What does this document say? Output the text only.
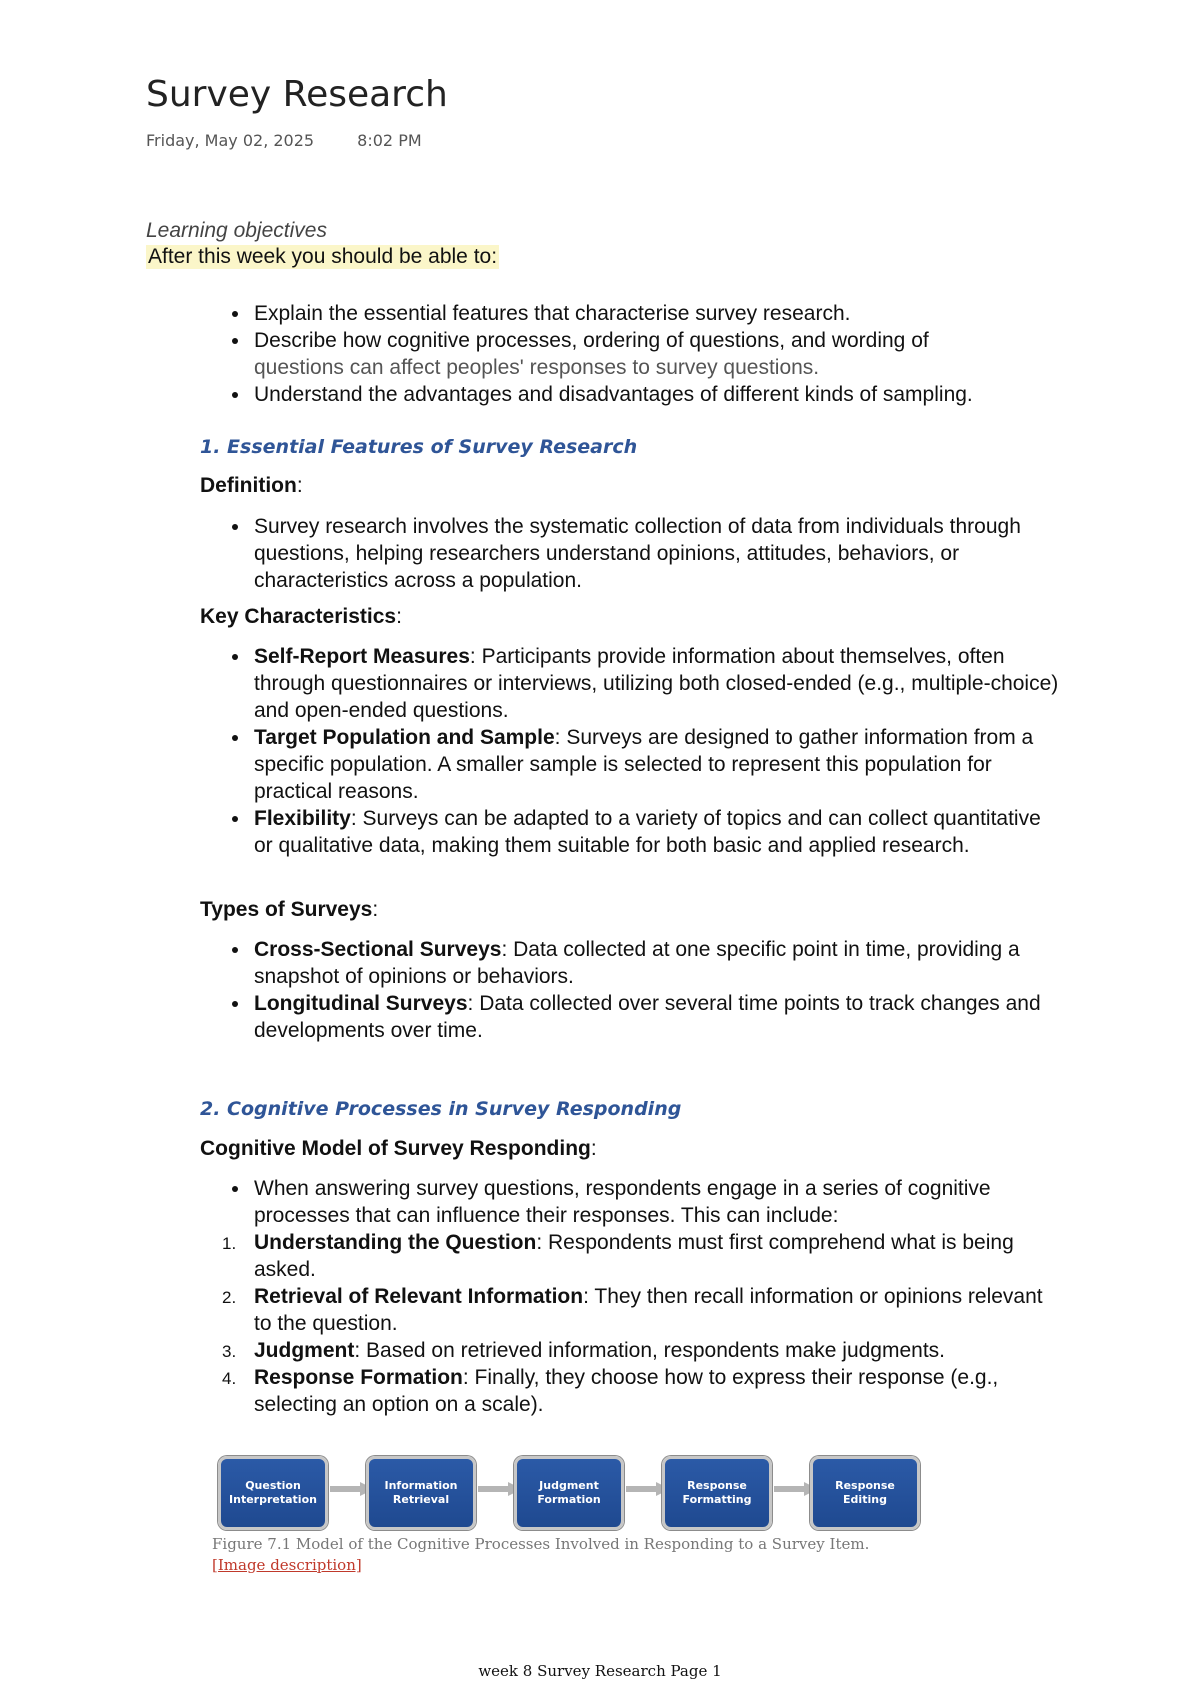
Survey Research
Friday, May 02, 2025	8:02 PM
Learning objectives
After this week you should be able to:
Explain the essential features that characterise survey research.
Describe how cognitive processes, ordering of questions, and wording of
questions can affect peoples' responses to survey questions.
Understand the advantages and disadvantages of different kinds of sampling.
1. Essential Features of Survey Research
Definition:
Survey research involves the systematic collection of data from individuals through questions, helping researchers understand opinions, attitudes, behaviors, or characteristics across a population.
Key Characteristics:
Self-Report Measures: Participants provide information about themselves, often through questionnaires or interviews, utilizing both closed-ended (e.g., multiple-choice) and open-ended questions.
Target Population and Sample: Surveys are designed to gather information from a specific population. A smaller sample is selected to represent this population for practical reasons.
Flexibility: Surveys can be adapted to a variety of topics and can collect quantitative or qualitative data, making them suitable for both basic and applied research.
Types of Surveys:
Cross-Sectional Surveys: Data collected at one specific point in time, providing a snapshot of opinions or behaviors.
Longitudinal Surveys: Data collected over several time points to track changes and developments over time.
2. Cognitive Processes in Survey Responding
Cognitive Model of Survey Responding:
When answering survey questions, respondents engage in a series of cognitive processes that can influence their responses. This can include:
1. Understanding the Question: Respondents must first comprehend what is being asked.
2. Retrieval of Relevant Information: They then recall information or opinions relevant to the question.
3. Judgment: Based on retrieved information, respondents make judgments.
4. Response Formation: Finally, they choose how to express their response (e.g., selecting an option on a scale).
Question
Interpretation
Information
Retrieval
Judgment
Formation
Response
Formatting
Response
Editing
Figure 7.1 Model of the Cognitive Processes Involved in Responding to a Survey Item. [Image description]
week 8 Survey Research Page 1
